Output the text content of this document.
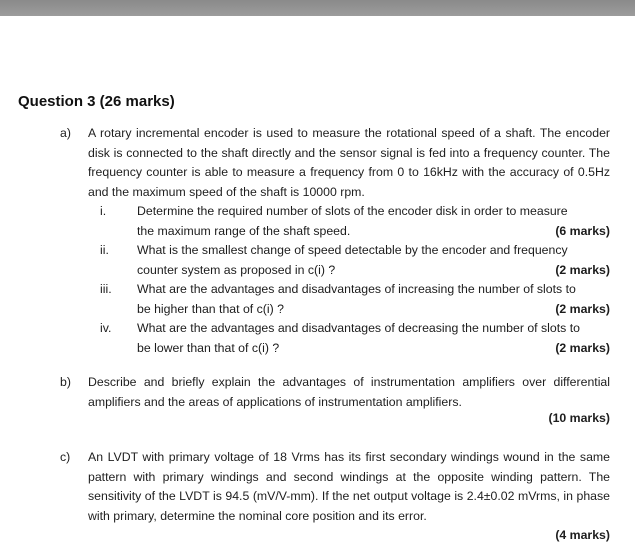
Question 3 (26 marks)
a) A rotary incremental encoder is used to measure the rotational speed of a shaft. The encoder disk is connected to the shaft directly and the sensor signal is fed into a frequency counter. The frequency counter is able to measure a frequency from 0 to 16kHz with the accuracy of 0.5Hz and the maximum speed of the shaft is 10000 rpm.
i.	Determine the required number of slots of the encoder disk in order to measure
(6 marks)
the maximum range of the shaft speed.
ii.	What is the smallest change of speed detectable by the encoder and frequency
(2 marks)
counter system as proposed in c(i) ?
iii.	What are the advantages and disadvantages of increasing the number of slots to
(2 marks)
be higher than that of c(i) ?
iv.	What are the advantages and disadvantages of decreasing the number of slots to
(2 marks)
be lower than that of c(i) ?
b) Describe and briefly explain the advantages of instrumentation amplifiers over differential amplifiers and the areas of applications of instrumentation amplifiers.
(10 marks)
c) An LVDT with primary voltage of 18 Vrms has its first secondary windings wound in the same pattern with primary windings and second windings at the opposite winding pattern. The sensitivity of the LVDT is 94.5 (mV/V-mm). If the net output voltage is 2.4±0.02 mVrms, in phase with primary, determine the nominal core position and its error.
(4 marks)
